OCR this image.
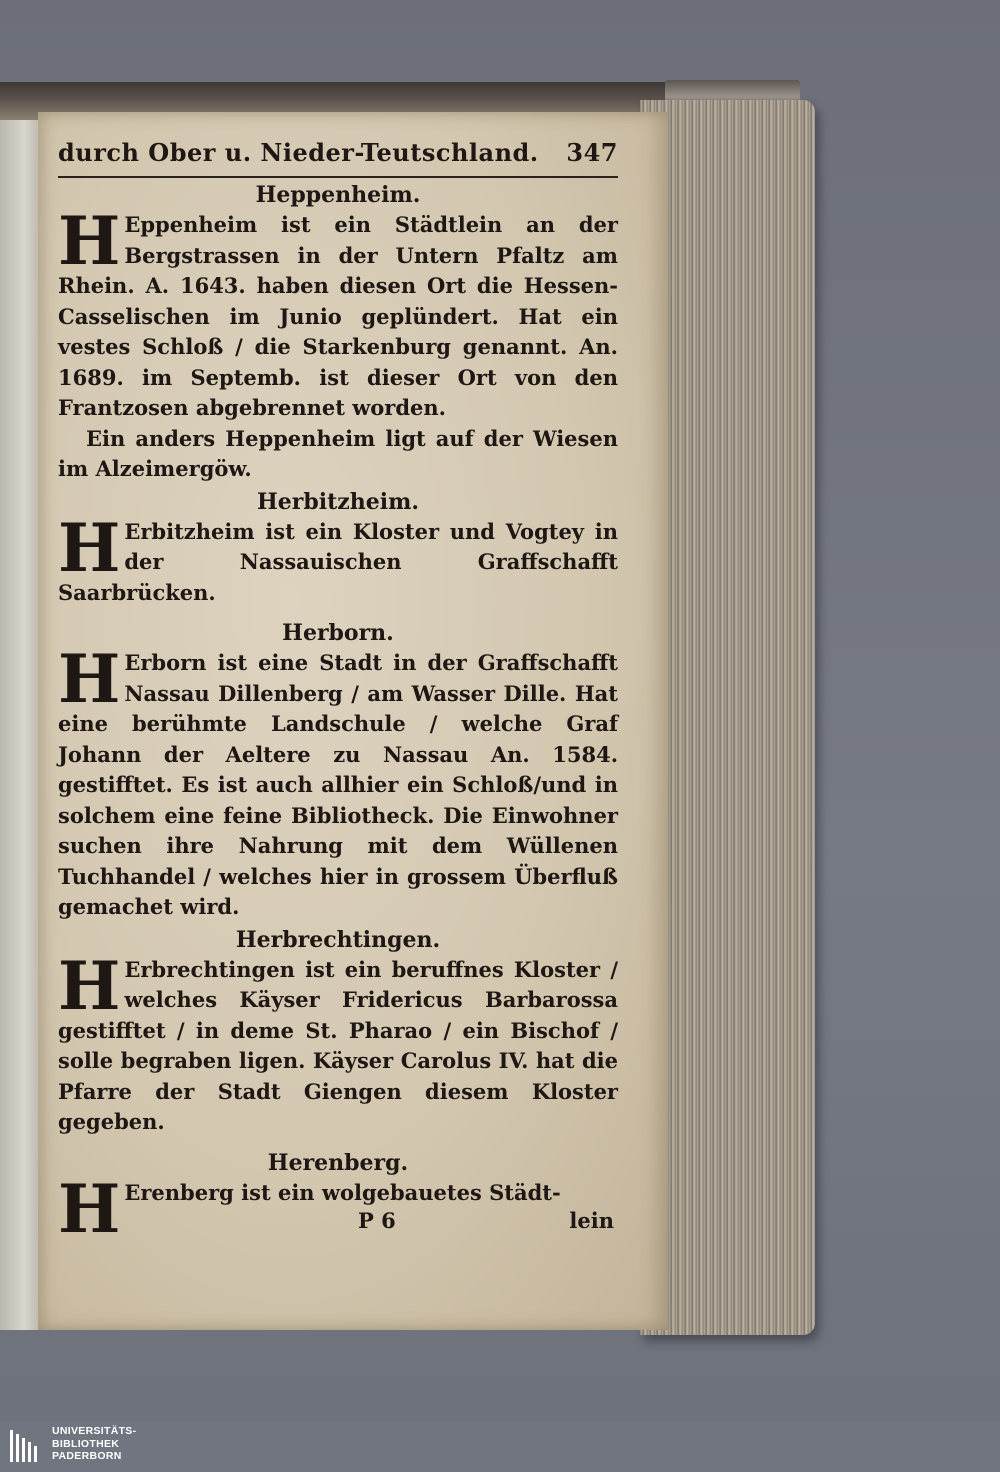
durch Ober u. Nieder-Teutschland. 347
Heppenheim.

H Eppenheim ist ein Städtlein an der Bergstrassen in der Untern Pfaltz am Rhein. A. 1643. haben diesen Ort die Hessen-Casselischen im Junio geplündert. Hat ein vestes Schloß / die Starkenburg genannt. An. 1689. im Septemb. ist dieser Ort von den Frantzosen abgebrennet worden.

Ein anders Heppenheim ligt auf der Wiesen im Alzeimergöw.

Herbitzheim.

H Erbitzheim ist ein Kloster und Vogtey in der Nassauischen Graffschafft Saarbrücken.

Herborn.

H Erborn ist eine Stadt in der Graffschafft Nassau Dillenberg / am Wasser Dille. Hat eine berühmte Landschule / welche Graf Johann der Aeltere zu Nassau An. 1584. gestifftet. Es ist auch allhier ein Schloß/und in solchem eine feine Bibliotheck. Die Einwohner suchen ihre Nahrung mit dem Wüllenen Tuchhandel / welches hier in grossem Überfluß gemachet wird.

Herbrechtingen.

H Erbrechtingen ist ein beruffnes Kloster / welches Käyser Fridericus Barbarossa gestifftet / in deme St. Pharao / ein Bischof / solle begraben ligen. Käyser Carolus IV. hat die Pfarre der Stadt Giengen diesem Kloster gegeben.

Herenberg.

H Erenberg ist ein wolgebauetes Städt-

P 6	lein
UNIVERSITÄTS-
BIBLIOTHEK
PADERBORN
